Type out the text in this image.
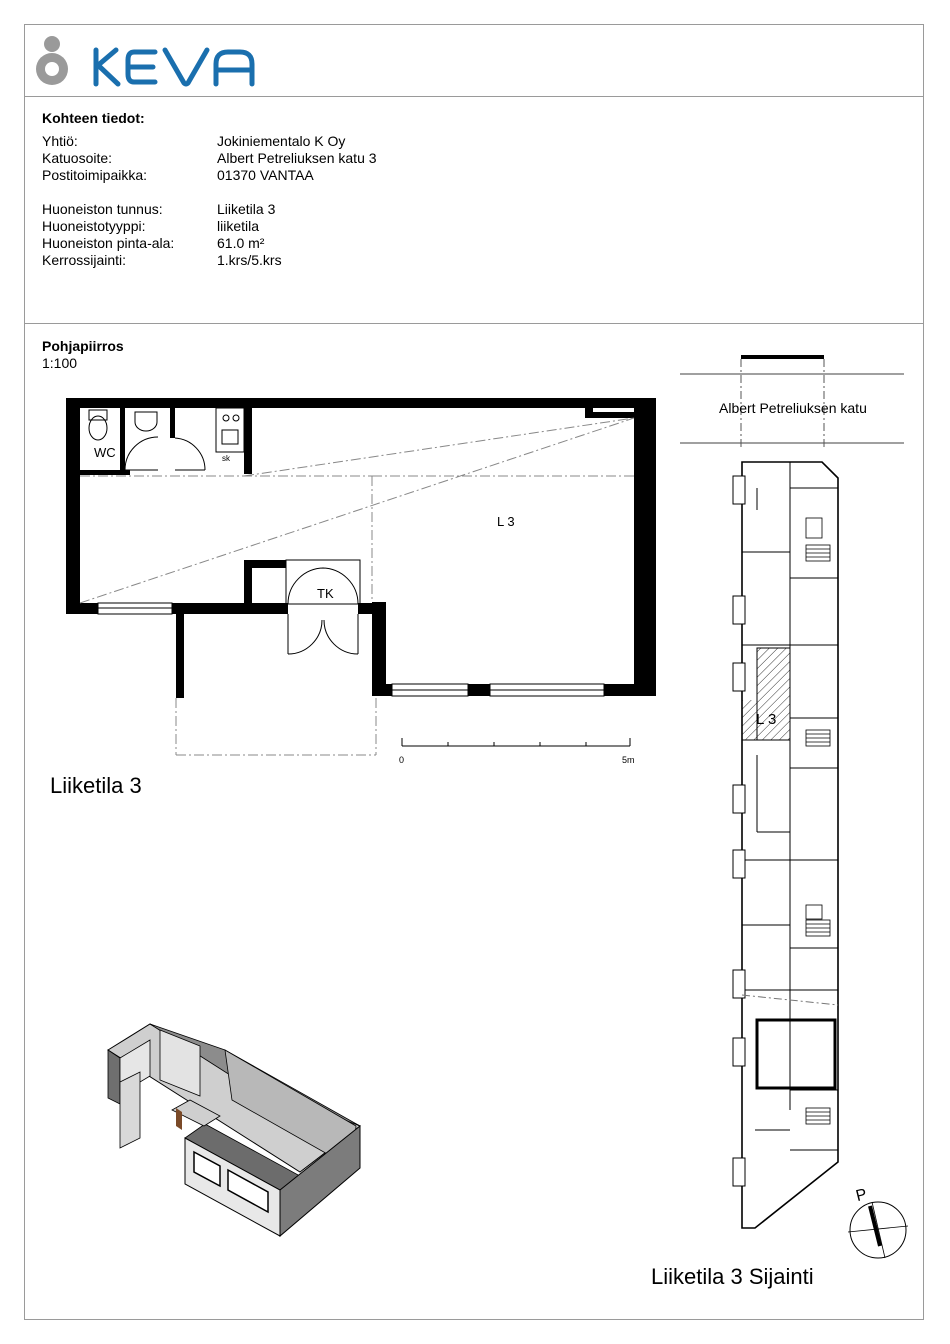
Kohteen tiedot:
Yhtiö:	Jokiniementalo K Oy
Katuosoite:	Albert Petreliuksen katu 3
Postitoimipaikka:	01370 VANTAA
Huoneiston tunnus:	Liiketila 3
Huoneistotyyppi:	liiketila
Huoneiston pinta-ala:	61.0 m²
Kerrossijainti:	1.krs/5.krs
Pohjapiirros
1:100
WC	sk
TK
L 3
0	5m
Albert Petreliuksen katu
L 3
P
Liiketila 3
Liiketila 3 Sijainti
